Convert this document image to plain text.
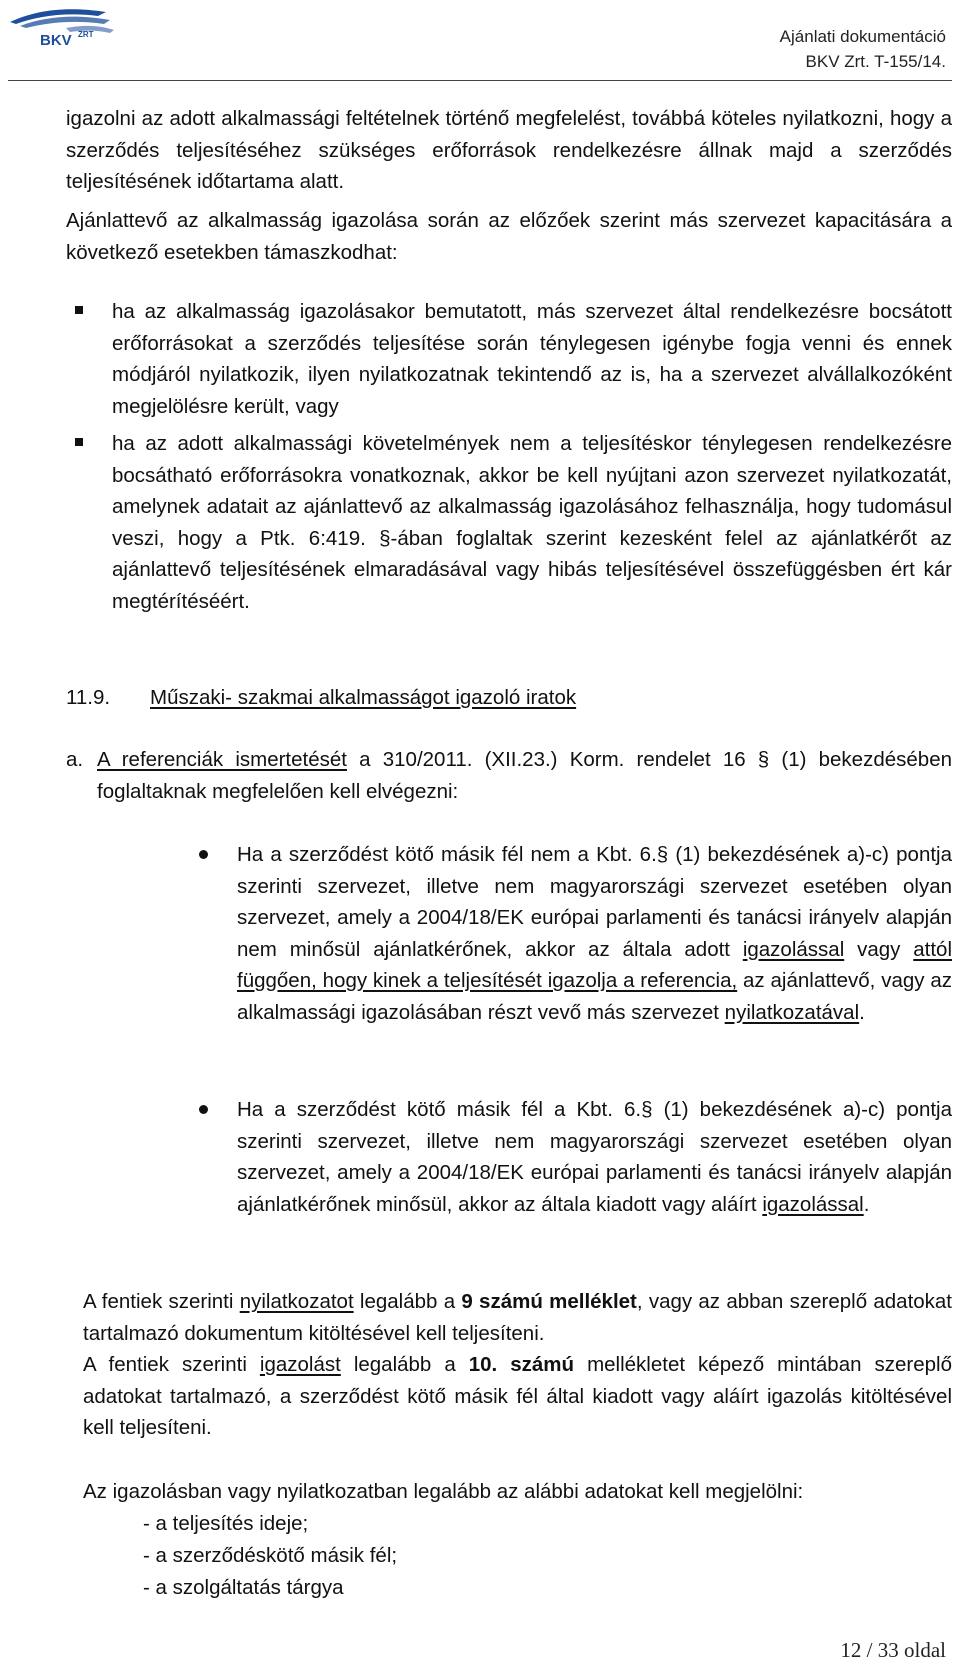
BKV ZRT	Ajánlati dokumentáció
BKV Zrt. T-155/14.

igazolni az adott alkalmassági feltételnek történő megfelelést, továbbá köteles nyilatkozni, hogy a szerződés teljesítéséhez szükséges erőforrások rendelkezésre állnak majd a szerződés teljesítésének időtartama alatt.

Ajánlattevő az alkalmasság igazolása során az előzőek szerint más szervezet kapacitására a következő esetekben támaszkodhat:

ha az alkalmasság igazolásakor bemutatott, más szervezet által rendelkezésre bocsátott erőforrásokat a szerződés teljesítése során ténylegesen igénybe fogja venni és ennek módjáról nyilatkozik, ilyen nyilatkozatnak tekintendő az is, ha a szervezet alvállalkozóként megjelölésre került, vagy

ha az adott alkalmassági követelmények nem a teljesítéskor ténylegesen rendelkezésre bocsátható erőforrásokra vonatkoznak, akkor be kell nyújtani azon szervezet nyilatkozatát, amelynek adatait az ajánlattevő az alkalmasság igazolásához felhasználja, hogy tudomásul veszi, hogy a Ptk. 6:419. §-ában foglaltak szerint kezesként felel az ajánlatkérőt az ajánlattevő teljesítésének elmaradásával vagy hibás teljesítésével összefüggésben ért kár megtérítéséért.

11.9. Műszaki- szakmai alkalmasságot igazoló iratok
a. A referenciák ismertetését a 310/2011. (XII.23.) Korm. rendelet 16 § (1) bekezdésében foglaltaknak megfelelően kell elvégezni:

Ha a szerződést kötő másik fél nem a Kbt. 6.§ (1) bekezdésének a)-c) pontja szerinti szervezet, illetve nem magyarországi szervezet esetében olyan szervezet, amely a 2004/18/EK európai parlamenti és tanácsi irányelv alapján nem minősül ajánlatkérőnek, akkor az általa adott igazolással vagy attól függően, hogy kinek a teljesítését igazolja a referencia, az ajánlattevő, vagy az alkalmassági igazolásában részt vevő más szervezet nyilatkozatával.

Ha a szerződést kötő másik fél a Kbt. 6.§ (1) bekezdésének a)-c) pontja szerinti szervezet, illetve nem magyarországi szervezet esetében olyan szervezet, amely a 2004/18/EK európai parlamenti és tanácsi irányelv alapján ajánlatkérőnek minősül, akkor az általa kiadott vagy aláírt igazolással.

A fentiek szerinti nyilatkozatot legalább a 9 számú melléklet, vagy az abban szereplő adatokat tartalmazó dokumentum kitöltésével kell teljesíteni.

A fentiek szerinti igazolást legalább a 10. számú mellékletet képező mintában szereplő adatokat tartalmazó, a szerződést kötő másik fél által kiadott vagy aláírt igazolás kitöltésével kell teljesíteni.

Az igazolásban vagy nyilatkozatban legalább az alábbi adatokat kell megjelölni:

- a teljesítés ideje;
- a szerződéskötő másik fél;
- a szolgáltatás tárgya
12 / 33 oldal
